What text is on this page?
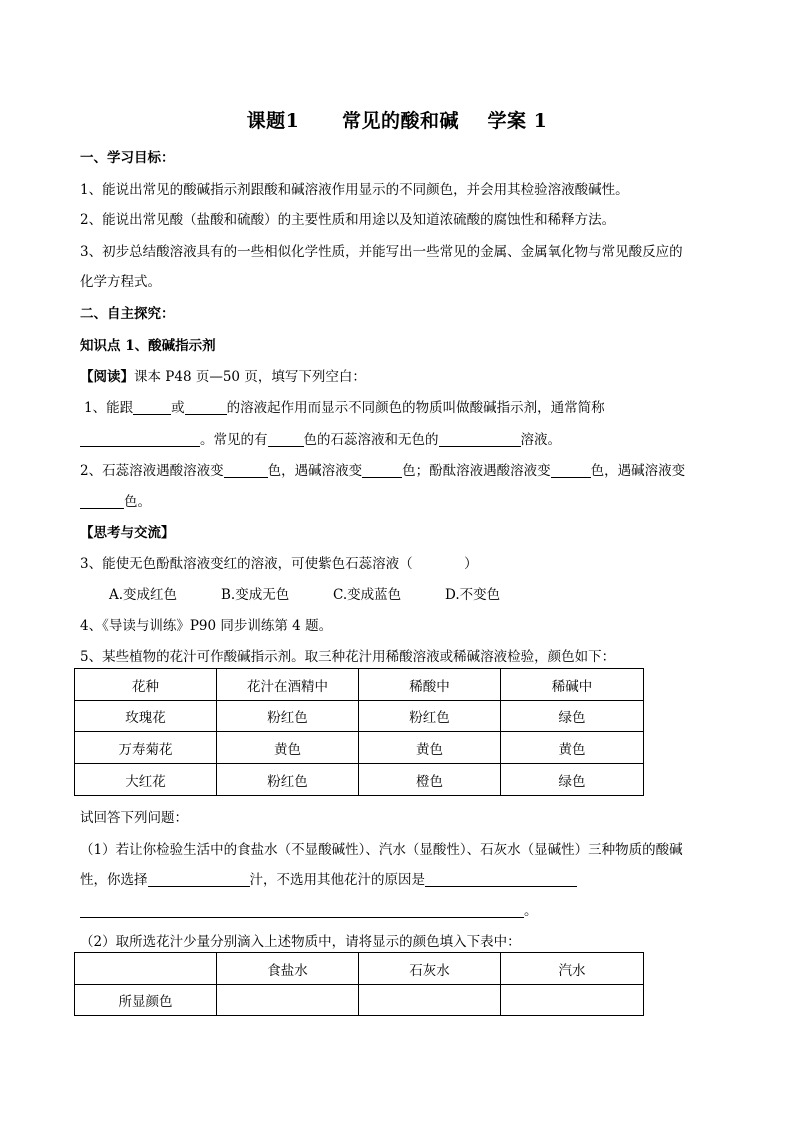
课题1      常见的酸和碱    学案 1
一、学习目标：
1、能说出常见的酸碱指示剂跟酸和碱溶液作用显示的不同颜色，并会用其检验溶液酸碱性。
2、能说出常见酸（盐酸和硫酸）的主要性质和用途以及知道浓硫酸的腐蚀性和稀释方法。
3、初步总结酸溶液具有的一些相似化学性质，并能写出一些常见的金属、金属氧化物与常见酸反应的
化学方程式。
二、自主探究：
知识点 1、酸碱指示剂
【阅读】课本 P48 页—50 页，填写下列空白：
1、能跟	或	的溶液起作用而显示不同颜色的物质叫做酸碱指示剂，通常简称
。常见的有	色的石蕊溶液和无色的	溶液。
2、石蕊溶液遇酸溶液变	色，遇碱溶液变	色；酚酞溶液遇酸溶液变	色，遇碱溶液变
色。
【思考与交流】
3、能使无色酚酞溶液变红的溶液，可使紫色石蕊溶液（            ）
A.变成红色	B.变成无色	C.变成蓝色	D.不变色
4、《导读与训练》P90 同步训练第 4 题。
5、某些植物的花汁可作酸碱指示剂。取三种花汁用稀酸溶液或稀碱溶液检验，颜色如下：
花种	花汁在酒精中	稀酸中	稀碱中
玫瑰花	粉红色	粉红色	绿色
万寿菊花	黄色	黄色	黄色
大红花	粉红色	橙色	绿色
试回答下列问题：
（1）若让你检验生活中的食盐水（不显酸碱性）、汽水（显酸性）、石灰水（显碱性）三种物质的酸碱
性，你选择	汁，不选用其他花汁的原因是
。
（2）取所选花汁少量分别滴入上述物质中，请将显示的颜色填入下表中：
	食盐水	石灰水	汽水
所显颜色			
